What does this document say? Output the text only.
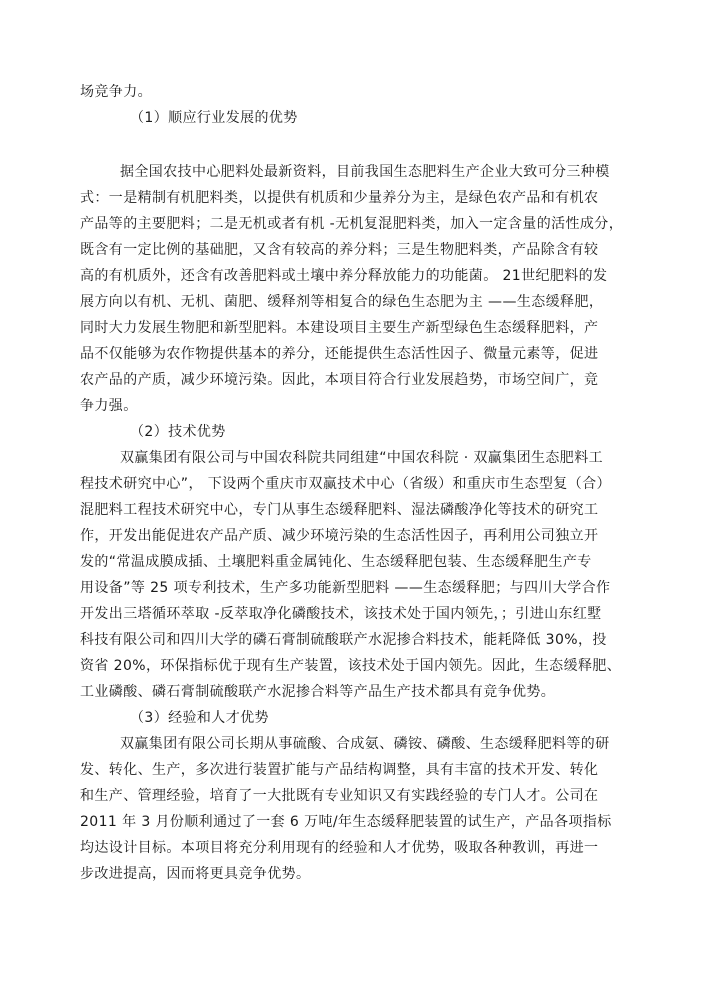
场竞争力。
（1）顺应行业发展的优势
据全国农技中心肥料处最新资料，目前我国生态肥料生产企业大致可分三种模
式：一是精制有机肥料类，以提供有机质和少量养分为主，是绿色农产品和有机农
产品等的主要肥料；二是无机或者有机 -无机复混肥料类，加入一定含量的活性成分，
既含有一定比例的基础肥，又含有较高的养分料；三是生物肥料类，产品除含有较
高的有机质外，还含有改善肥料或土壤中养分释放能力的功能菌。 21世纪肥料的发
展方向以有机、无机、菌肥、缓释剂等相复合的绿色生态肥为主 ——生态缓释肥，
同时大力发展生物肥和新型肥料。本建设项目主要生产新型绿色生态缓释肥料，产
品不仅能够为农作物提供基本的养分，还能提供生态活性因子、微量元素等，促进
农产品的产质，减少环境污染。因此，本项目符合行业发展趋势，市场空间广，竞
争力强。
（2）技术优势
双赢集团有限公司与中国农科院共同组建“中国农科院 · 双赢集团生态肥料工
程技术研究中心”， 下设两个重庆市双赢技术中心（省级）和重庆市生态型复（合）
混肥料工程技术研究中心，专门从事生态缓释肥料、湿法磷酸净化等技术的研究工
作，开发出能促进农产品产质、减少环境污染的生态活性因子，再利用公司独立开
发的“常温成膜成插、土壤肥料重金属钝化、生态缓释肥包装、生态缓释肥生产专
用设备”等 25 项专利技术，生产多功能新型肥料 ——生态缓释肥；与四川大学合作
开发出三塔循环萃取 -反萃取净化磷酸技术，该技术处于国内领先，；引进山东红墅
科技有限公司和四川大学的磷石膏制硫酸联产水泥掺合料技术，能耗降低 30%，投
资省 20%，环保指标优于现有生产装置，该技术处于国内领先。因此，生态缓释肥、
工业磷酸、磷石膏制硫酸联产水泥掺合料等产品生产技术都具有竞争优势。
（3）经验和人才优势
双赢集团有限公司长期从事硫酸、合成氨、磷铵、磷酸、生态缓释肥料等的研
发、转化、生产，多次进行装置扩能与产品结构调整，具有丰富的技术开发、转化
和生产、管理经验，培育了一大批既有专业知识又有实践经验的专门人才。公司在
2011 年 3 月份顺利通过了一套 6 万吨/年生态缓释肥装置的试生产，产品各项指标
均达设计目标。本项目将充分利用现有的经验和人才优势，吸取各种教训，再进一
步改进提高，因而将更具竞争优势。
